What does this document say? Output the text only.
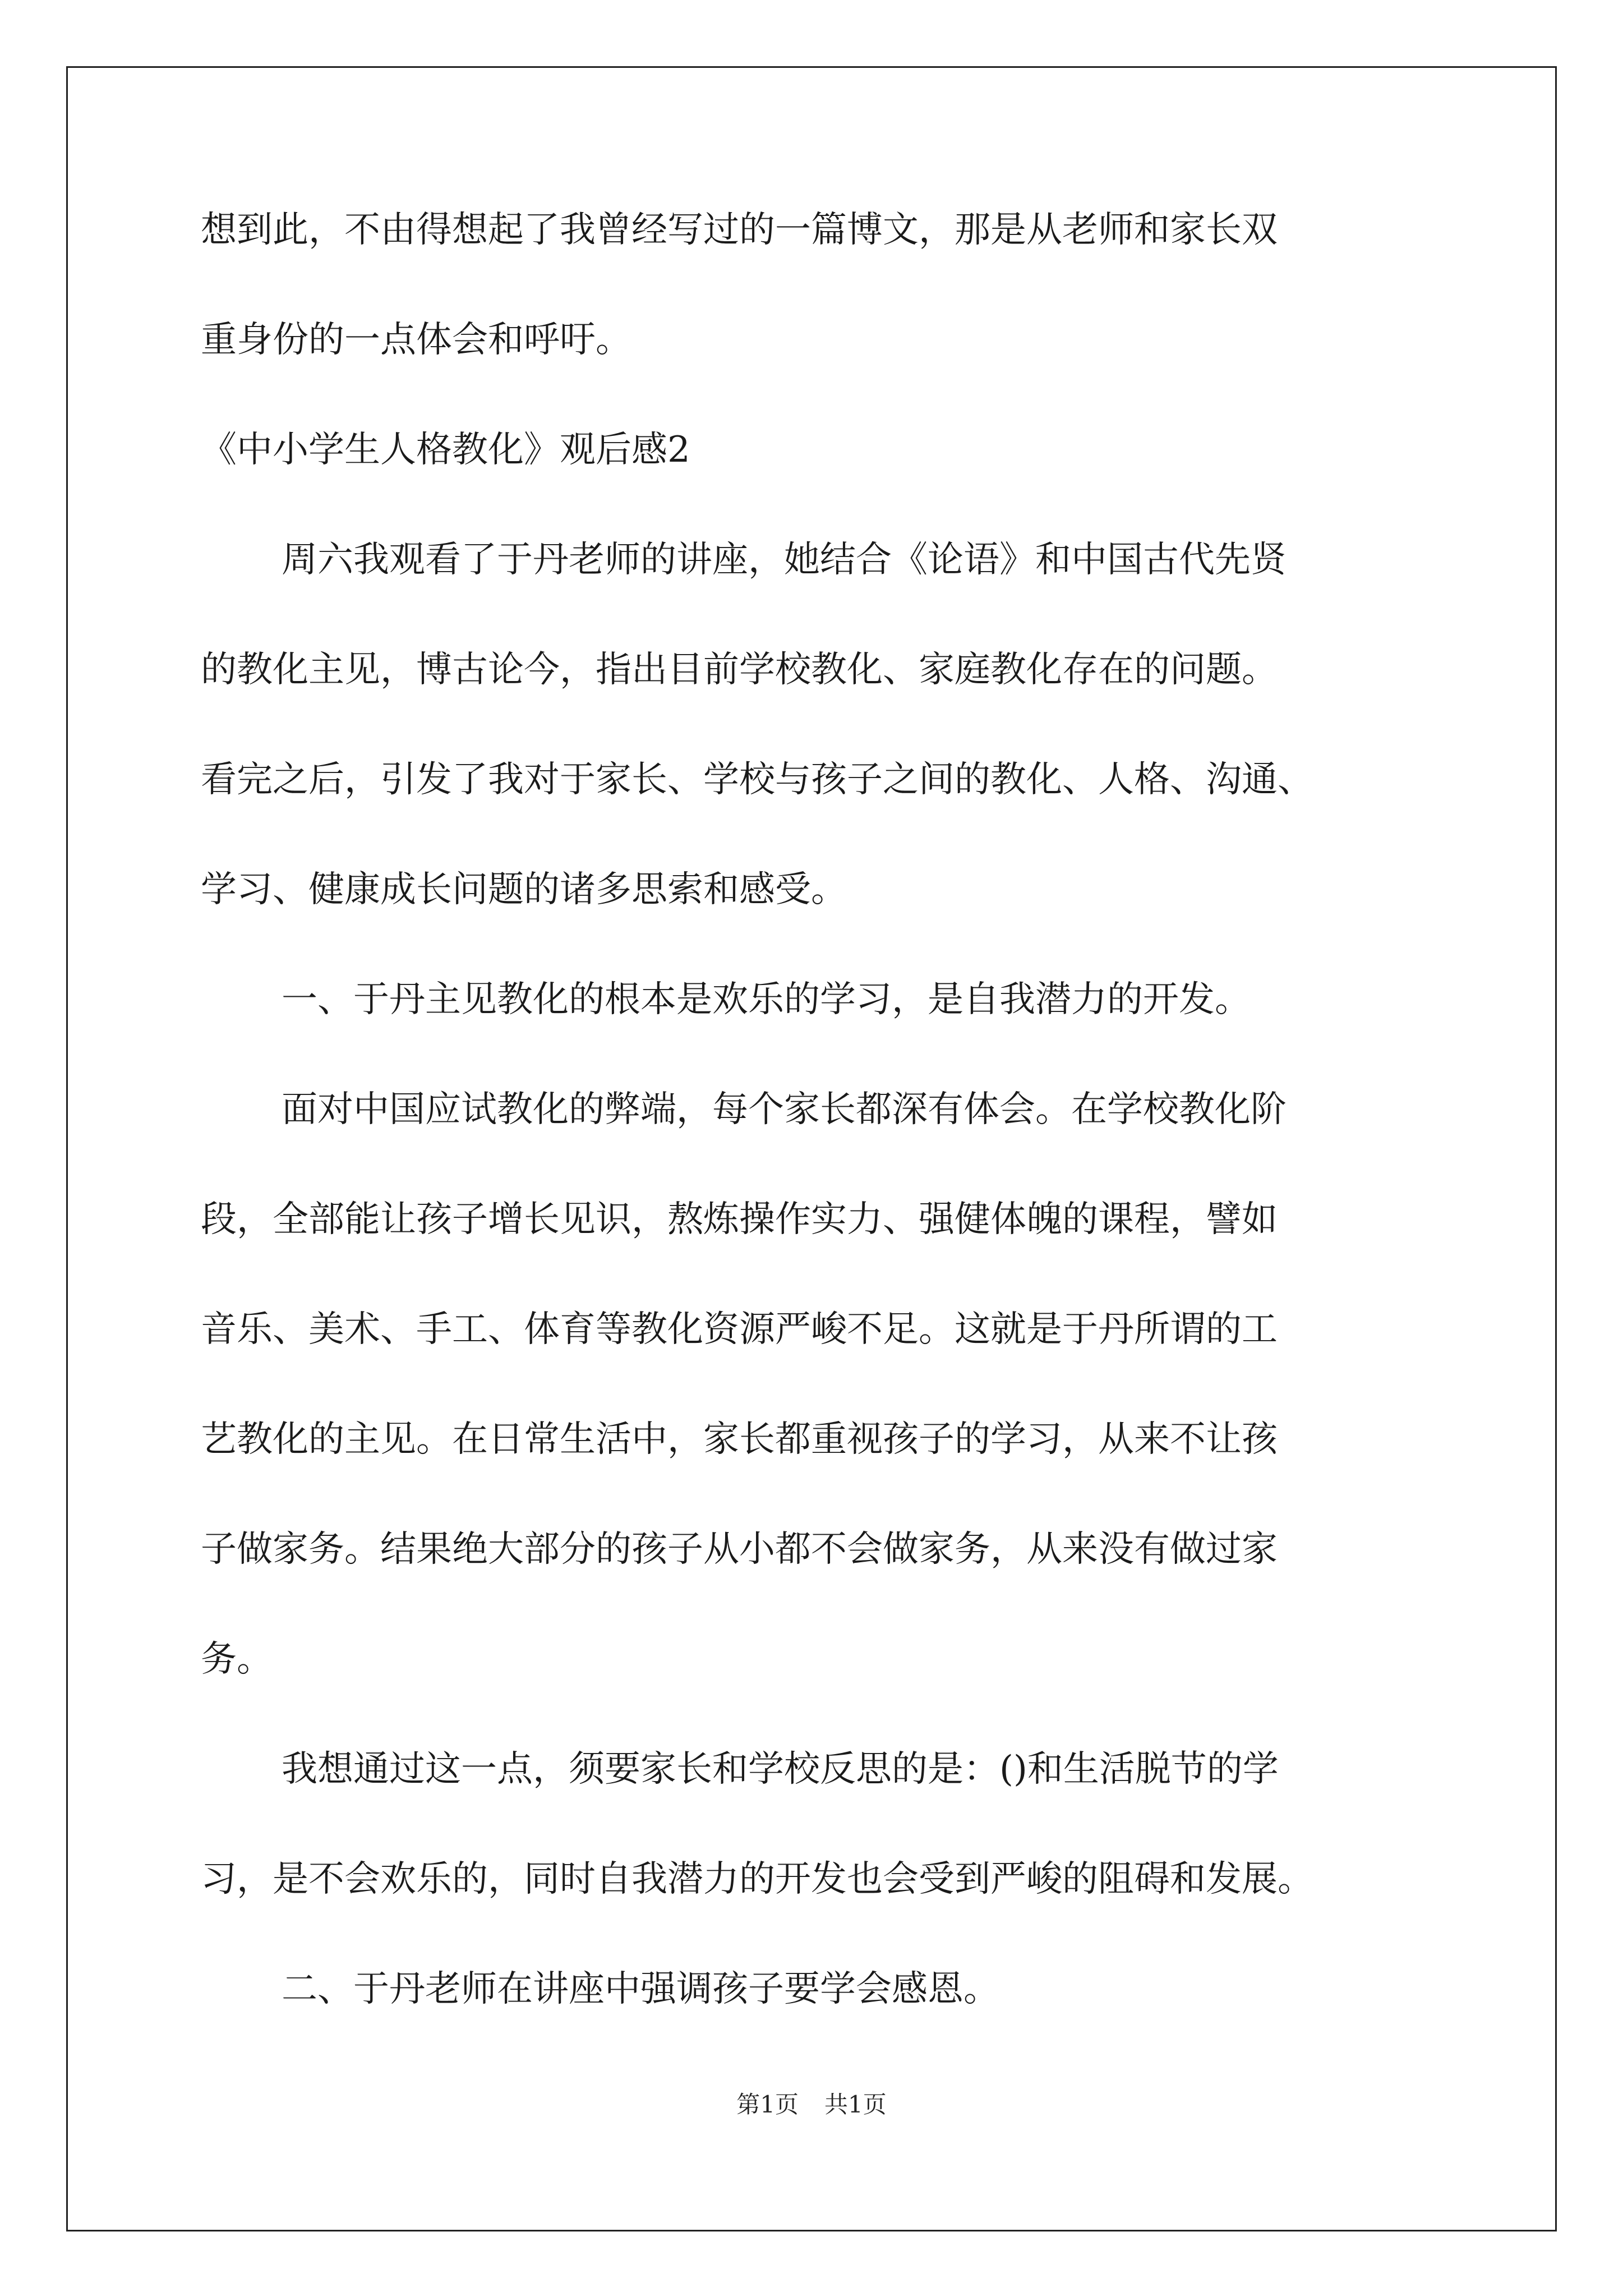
想到此，不由得想起了我曾经写过的一篇博文，那是从老师和家长双

重身份的一点体会和呼吁。

《中小学生人格教化》观后感2

周六我观看了于丹老师的讲座，她结合《论语》和中国古代先贤

的教化主见，博古论今，指出目前学校教化、家庭教化存在的问题。

看完之后，引发了我对于家长、学校与孩子之间的教化、人格、沟通、

学习、健康成长问题的诸多思索和感受。

一、于丹主见教化的根本是欢乐的学习，是自我潜力的开发。

面对中国应试教化的弊端，每个家长都深有体会。在学校教化阶

段，全部能让孩子增长见识，熬炼操作实力、强健体魄的课程，譬如

音乐、美术、手工、体育等教化资源严峻不足。这就是于丹所谓的工

艺教化的主见。在日常生活中，家长都重视孩子的学习，从来不让孩

子做家务。结果绝大部分的孩子从小都不会做家务，从来没有做过家

务。

我想通过这一点，须要家长和学校反思的是：()和生活脱节的学

习，是不会欢乐的，同时自我潜力的开发也会受到严峻的阻碍和发展。

二、于丹老师在讲座中强调孩子要学会感恩。

第1页 共1页
